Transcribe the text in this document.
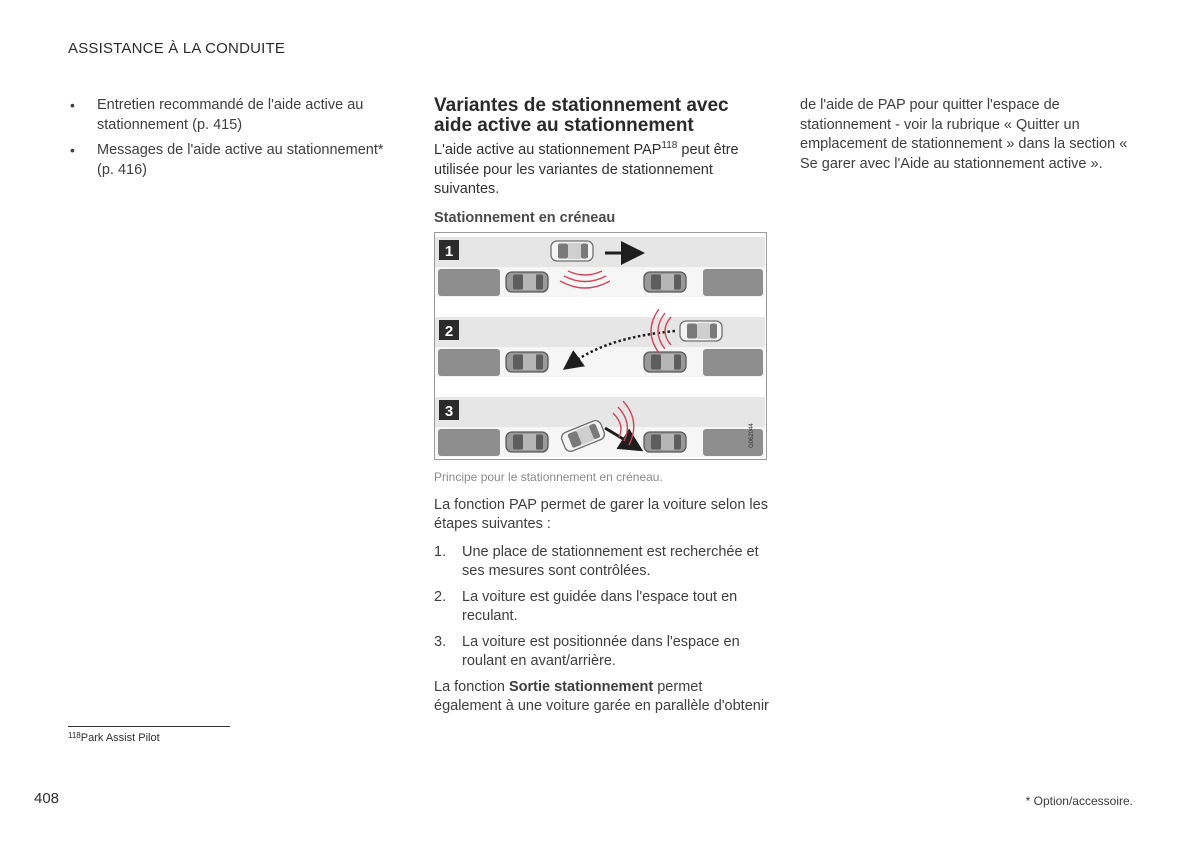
ASSISTANCE À LA CONDUITE
• Entretien recommandé de l'aide active au stationnement (p. 415)
• Messages de l'aide active au stationnement* (p. 416)
Variantes de stationnement avec aide active au stationnement

L'aide active au stationnement PAP$^{118}$ peut être utilisée pour les variantes de stationnement suivantes.

Stationnement en créneau
1
2
3
G062044
Principe pour le stationnement en créneau.

La fonction PAP permet de garer la voiture selon les étapes suivantes :

1. Une place de stationnement est recherchée et ses mesures sont contrôlées.
2. La voiture est guidée dans l'espace tout en reculant.
3. La voiture est positionnée dans l'espace en roulant en avant/arrière.

La fonction Sortie stationnement permet également à une voiture garée en parallèle d'obtenir

de l'aide de PAP pour quitter l'espace de stationnement - voir la rubrique « Quitter un emplacement de stationnement » dans la section « Se garer avec l'Aide au stationnement active ».

$^{118}$Park Assist Pilot
408	* Option/accessoire.
